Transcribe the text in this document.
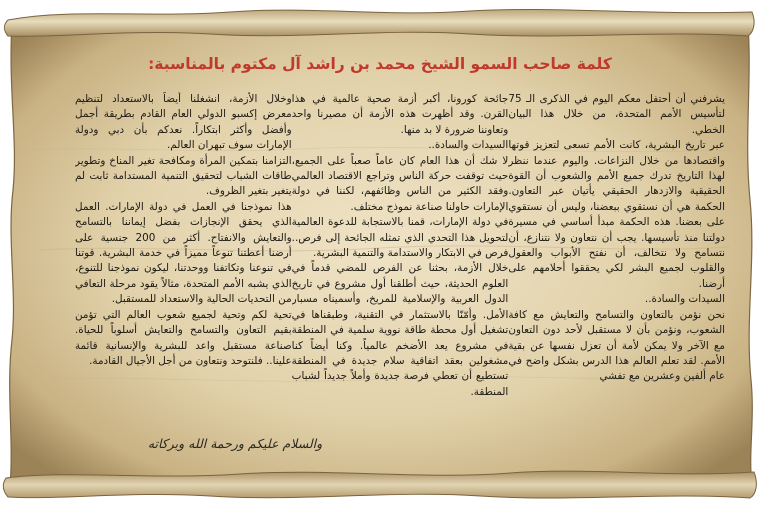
كلمة صاحب السمو الشيخ محمد بن راشد آل مكتوم بالمناسبة:

يشرفني أن أحتفل معكم اليوم في الذكرى الـ 75 لتأسيس الأمم المتحدة، من خلال هذا البيان الخطي.

عبر تاريخ البشرية، كانت الأمم تسعى لتعزيز قوتها واقتصادها من خلال النزاعات. واليوم عندما ننظر لهذا التاريخ تدرك جميع الأمم والشعوب أن القوة الحقيقية والازدهار الحقيقي يأتيان عبر التعاون. الحكمة هي أن نستقوي ببعضنا، وليس أن نستقوي على بعضنا. هذه الحكمة مبدأ أساسي في مسيرة دولتنا منذ تأسيسها. يجب أن نتعاون ولا نتنازع، أن نتسامح ولا نتخالف، أن نفتح الأبواب والعقول والقلوب لجميع البشر لكي يحققوا أحلامهم على أرضنا.

السيدات والسادة..

نحن نؤمن بالتعاون والتسامح والتعايش مع كافة الشعوب، ونؤمن بأن لا مستقبل لأحد دون التعاون مع الآخر ولا يمكن لأمة أن تعزل نفسها عن بقية الأمم. لقد تعلم العالم هذا الدرس بشكل واضح في عام ألفين وعشرين مع تفشي

جائحة كورونا، أكبر أزمة صحية عالمية في هذا القرن. وقد أظهرت هذه الأزمة أن مصيرنا واحد وتعاوننا ضرورة لا بد منها.

السيدات والسادة..

لا شك أن هذا العام كان عاماً صعباً على الجميع، حيث توقفت حركة الناس وتراجع الاقتصاد العالمي وفقد الكثير من الناس وظائفهم، لكننا في دولة الإمارات حاولنا صناعة نموذج مختلف.

في دولة الإمارات، قمنا بالاستجابة للدعوة العالمية لتحويل هذا التحدي الذي تمثله الجائحة إلى فرص.. فرص في الابتكار والاستدامة والتنمية البشرية.

خلال الأزمة، بحثنا عن الفرص للمضي قدماً في العلوم الحديثة، حيث أطلقنا أول مشروع في تاريخ الدول العربية والإسلامية للمريخ، وأسميناه مسبار الأمل. وأمّنّا بالاستثمار في التقنية، وطبقناها في تشغيل أول محطة طاقة نووية سلمية في المنطقة في مشروع يعد الأضخم عالمياً. وكنا أيضاً كنا مشغولين بعقد اتفاقية سلام جديدة في المنطقة تستطيع أن تعطي فرصة جديدة وأملاً جديداً لشباب المنطقة.

وخلال الأزمة، انشغلنا أيضاً بالاستعداد لتنظيم معرض إكسبو الدولي العام القادم بطريقة أجمل وأفضل وأكثر ابتكاراً. نعدكم بأن دبي ودولة الإمارات سوف تبهران العالم.

التزامنا بتمكين المرأة ومكافحة تغير المناخ وتطوير طاقات الشباب لتحقيق التنمية المستدامة ثابت لم يتغير بتغير الظروف.

هذا نموذجنا في العمل في دولة الإمارات. العمل الذي يحقق الإنجازات بفضل إيماننا بالتسامح والتعايش والانفتاح. أكثر من 200 جنسية على أرضنا أعطتنا تنوعاً مميزاً في خدمة البشرية. قوتنا في تنوعنا وتكاتفنا ووحدتنا، ليكون نموذجنا للتنوع، الذي يشبه الأمم المتحدة، مثالاً يقود مرحلة التعافي من التحديات الحالية والاستعداد للمستقبل.

تحية لكم وتحية لجميع شعوب العالم التي تؤمن بقيم التعاون والتسامح والتعايش أسلوباً للحياة. صناعة مستقبل واعد للبشرية والإنسانية قائمة علينا.. فلنتوحد ونتعاون من أجل الأجيال القادمة.

والسلام عليكم ورحمة الله وبركاته
